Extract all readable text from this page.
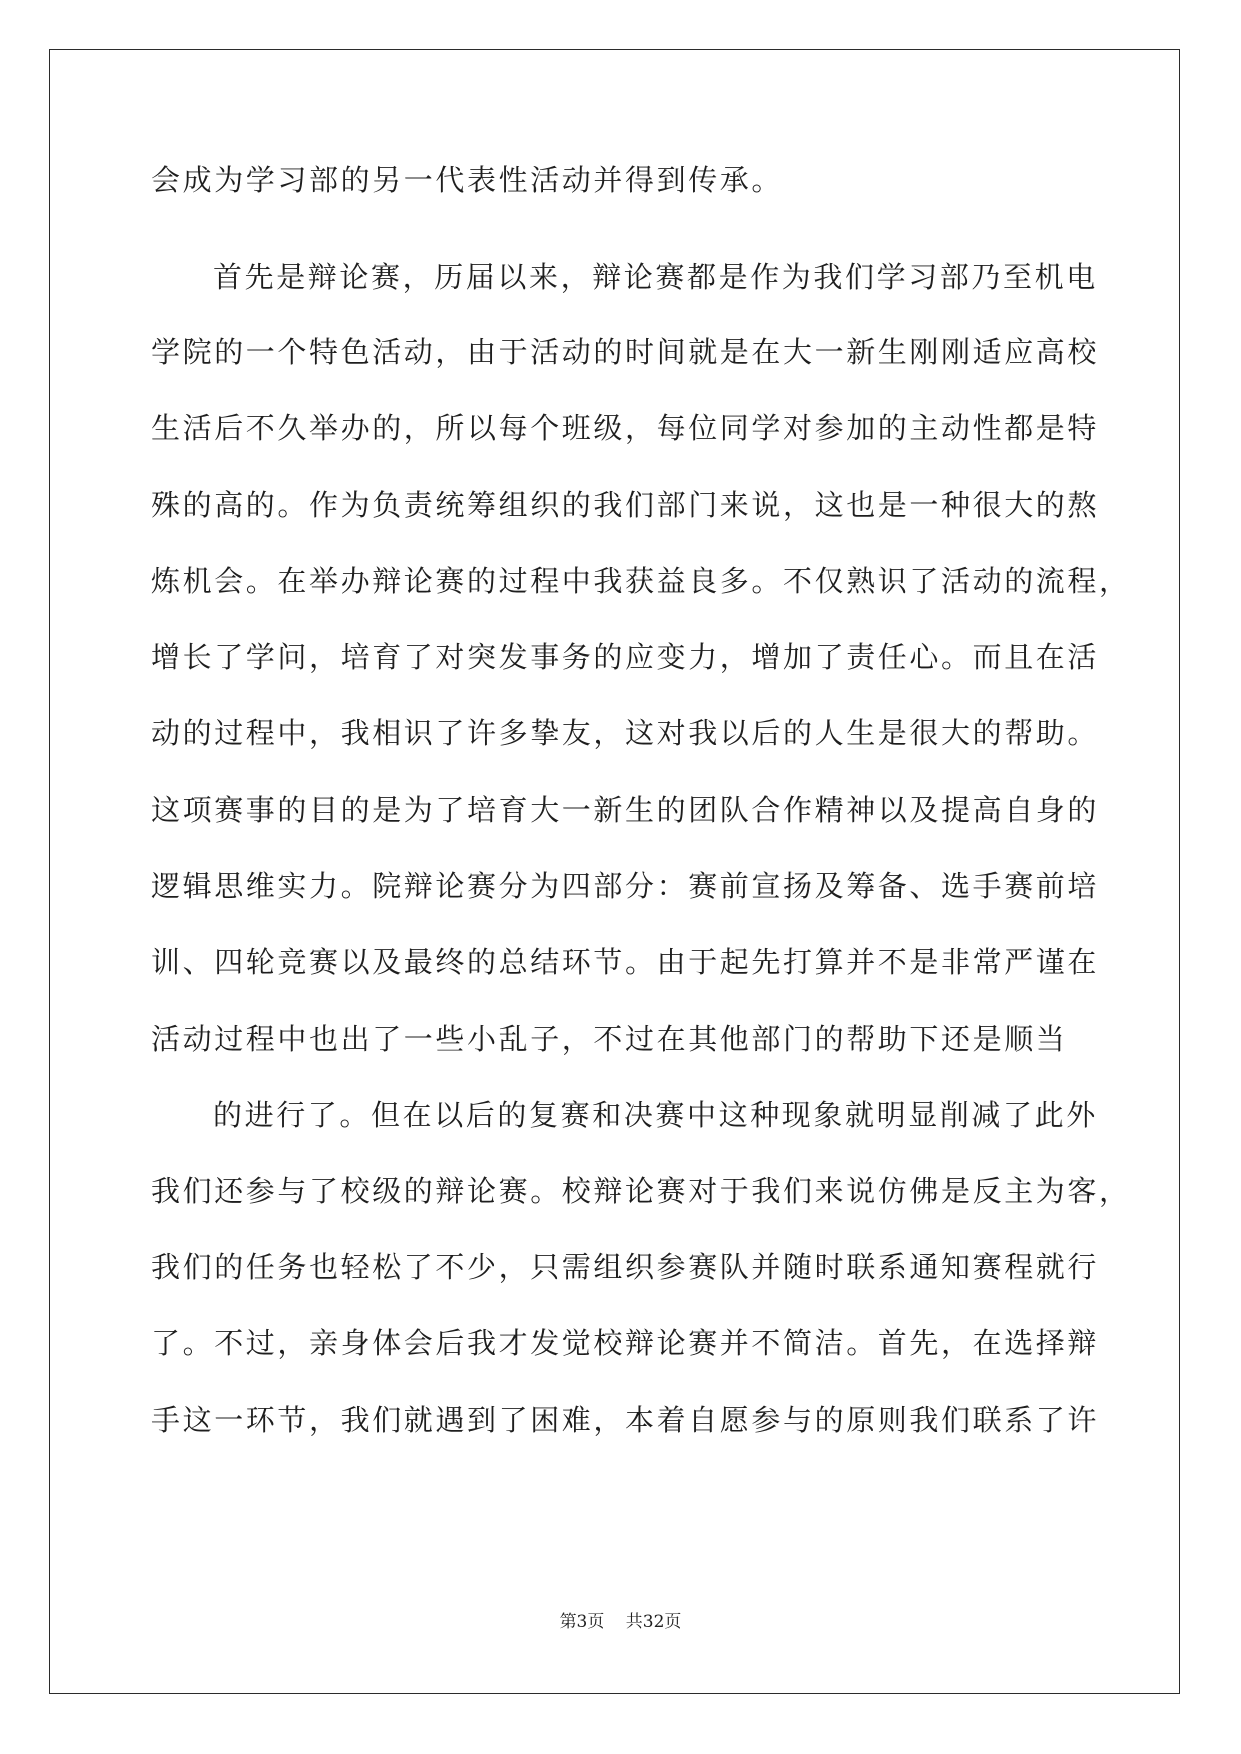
会成为学习部的另一代表性活动并得到传承。
首先是辩论赛，历届以来，辩论赛都是作为我们学习部乃至机电
学院的一个特色活动，由于活动的时间就是在大一新生刚刚适应高校
生活后不久举办的，所以每个班级，每位同学对参加的主动性都是特
殊的高的。作为负责统筹组织的我们部门来说，这也是一种很大的熬
炼机会。在举办辩论赛的过程中我获益良多。不仅熟识了活动的流程，
增长了学问，培育了对突发事务的应变力，增加了责任心。而且在活
动的过程中，我相识了许多挚友，这对我以后的人生是很大的帮助。
这项赛事的目的是为了培育大一新生的团队合作精神以及提高自身的
逻辑思维实力。院辩论赛分为四部分：赛前宣扬及筹备、选手赛前培
训、四轮竞赛以及最终的总结环节。由于起先打算并不是非常严谨在
活动过程中也出了一些小乱子，不过在其他部门的帮助下还是顺当
的进行了。但在以后的复赛和决赛中这种现象就明显削减了此外
我们还参与了校级的辩论赛。校辩论赛对于我们来说仿佛是反主为客，
我们的任务也轻松了不少，只需组织参赛队并随时联系通知赛程就行
了。不过，亲身体会后我才发觉校辩论赛并不简洁。首先，在选择辩
手这一环节，我们就遇到了困难，本着自愿参与的原则我们联系了许
第3页 共32页
